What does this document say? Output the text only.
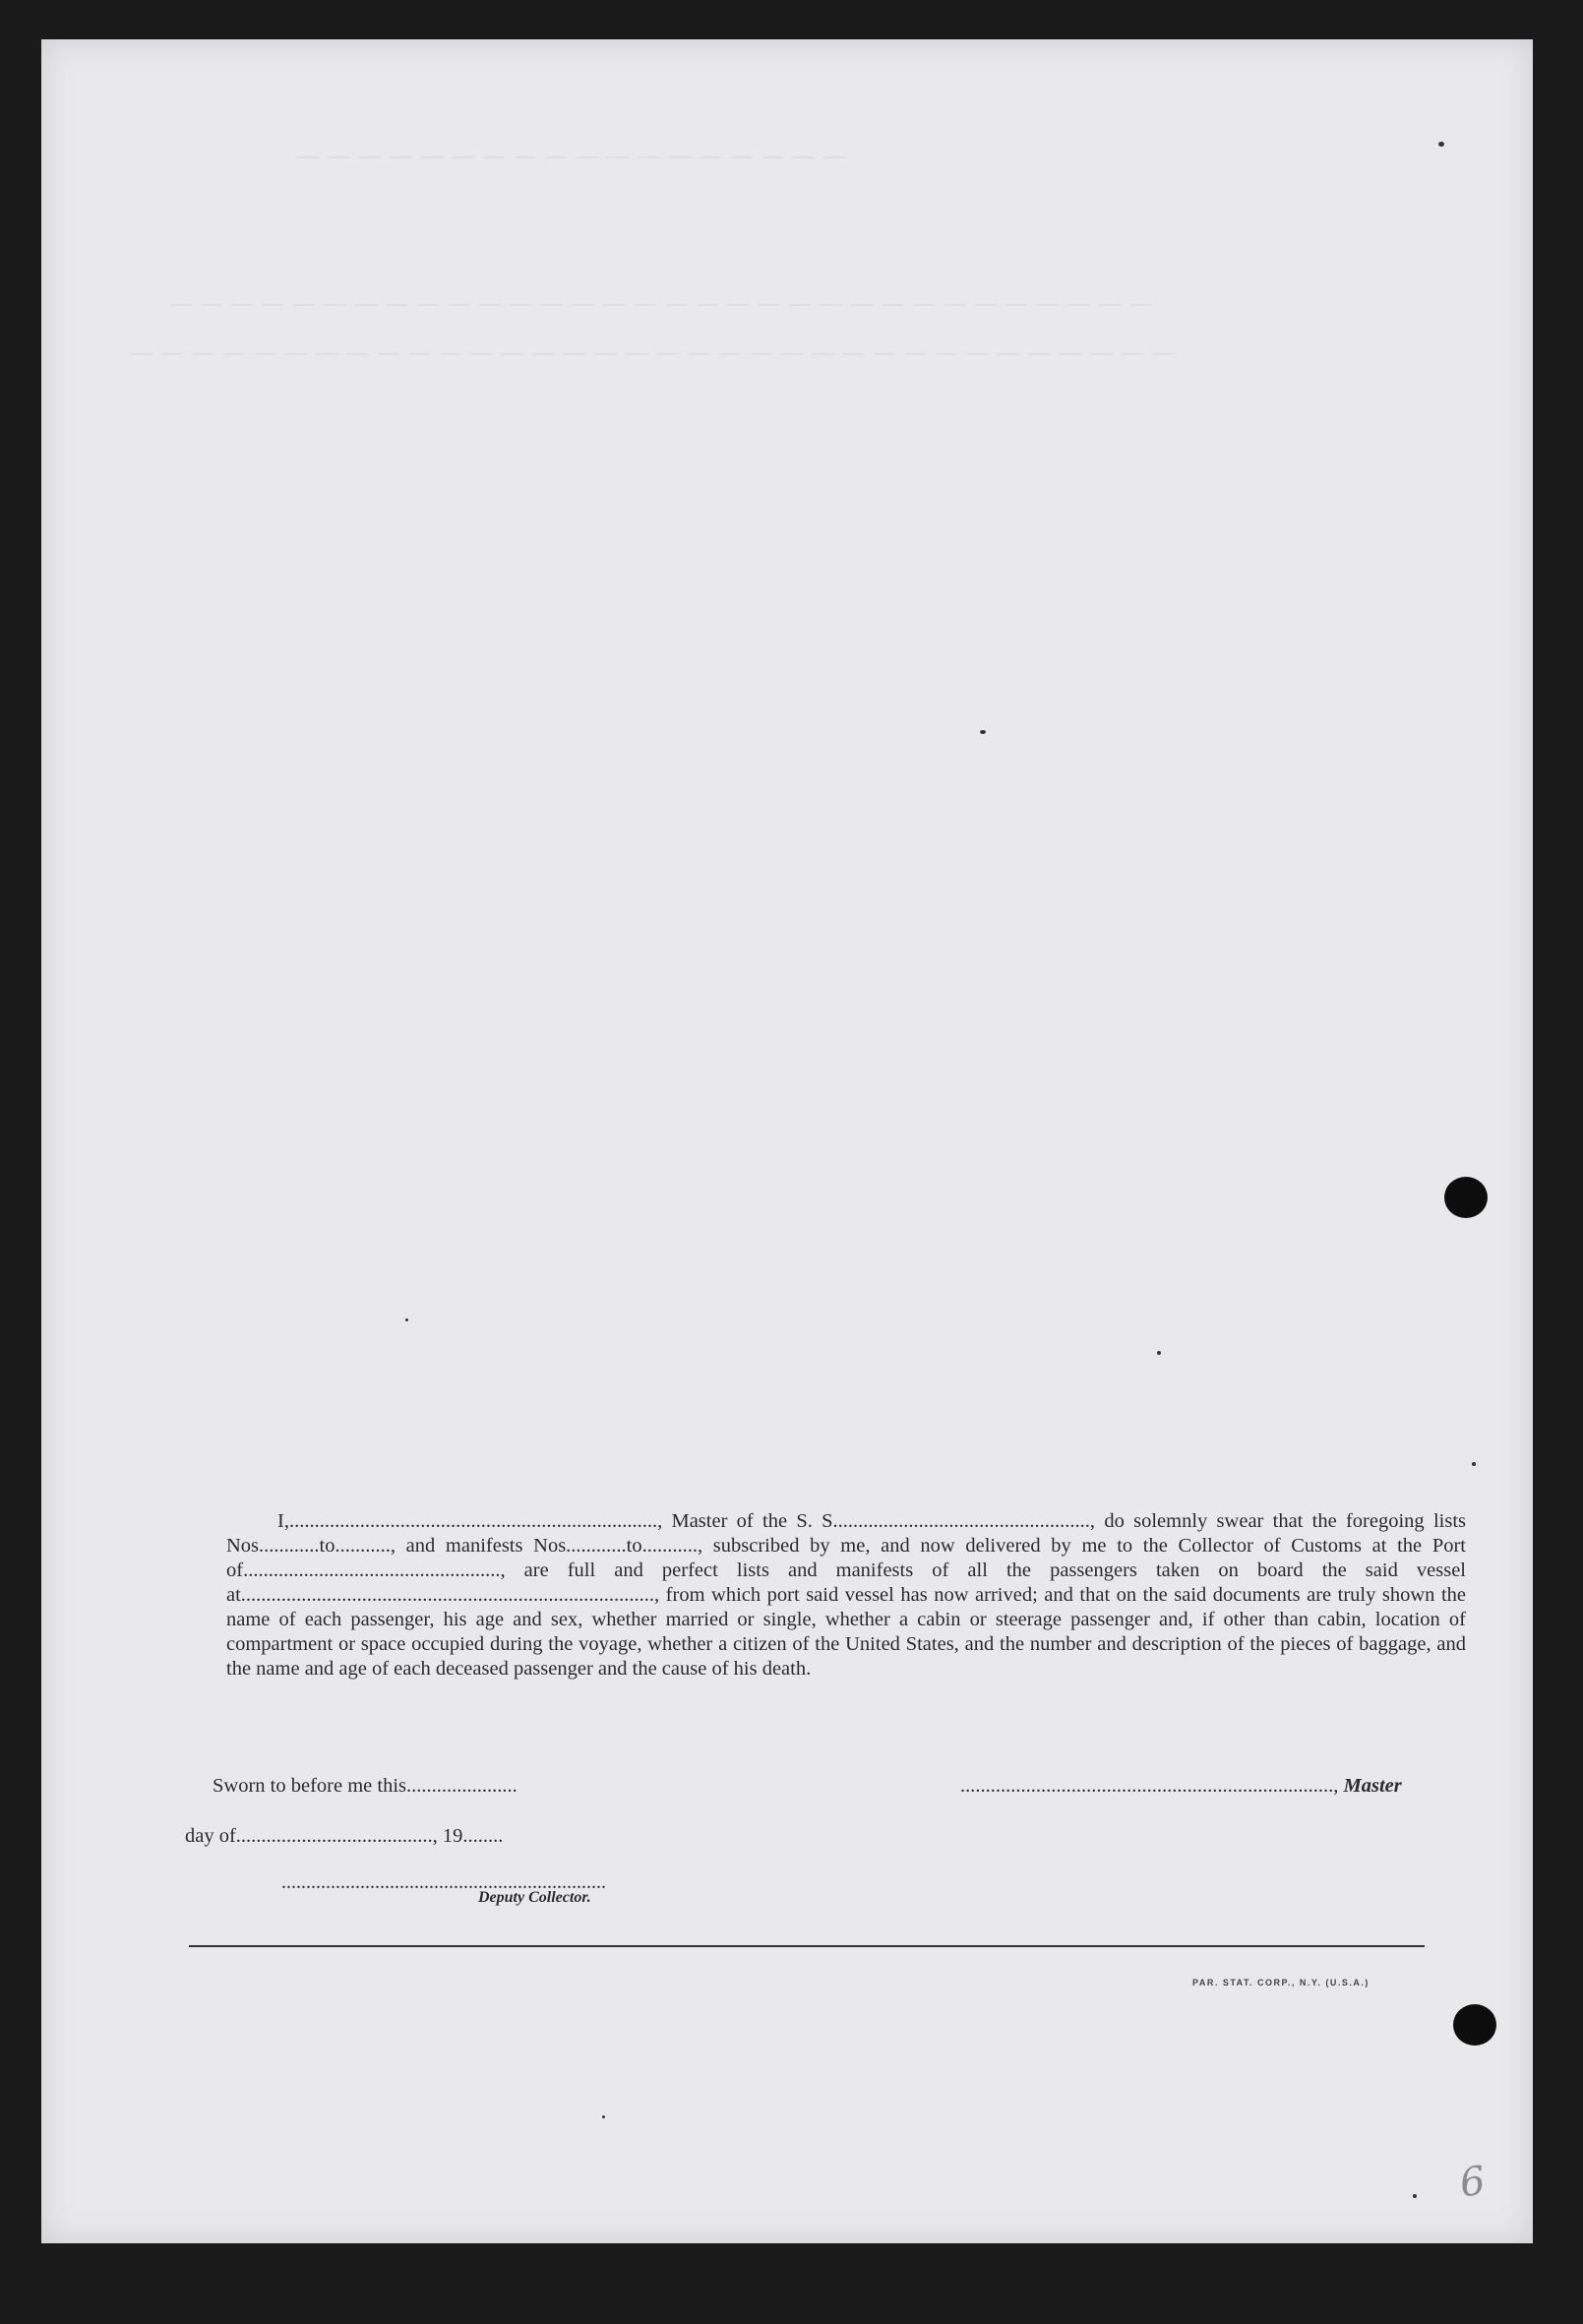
— — — — — — — — — — — — — — — — — —
— — — — — — — — — — — — — — — — — — — — — — — — — — — — — — — —
— — — — — — — — — — — — — — — — — — — — — — — — — — — — — — — — — —

I,........................................................................., Master of the S. S..................................................., do solemnly swear that the foregoing lists Nos............to..........., and manifests Nos............to..........., subscribed by me, and now delivered by me to the Collector of Customs at the Port of..................................................., are full and perfect lists and manifests of all the passengers taken on board the said vessel at.................................................................................., from which port said vessel has now arrived; and that on the said documents are truly shown the name of each passenger, his age and sex, whether married or single, whether a cabin or steerage passenger and, if other than cabin, location of compartment or space occupied during the voyage, whether a citizen of the United States, and the number and description of the pieces of baggage, and the name and age of each deceased passenger and the cause of his death.

Sworn to before me this......................	.........................................................................., Master
day of......................................., 19........
..................................................................
Deputy Collector.
PAR. STAT. CORP., N.Y. (U.S.A.)
6
